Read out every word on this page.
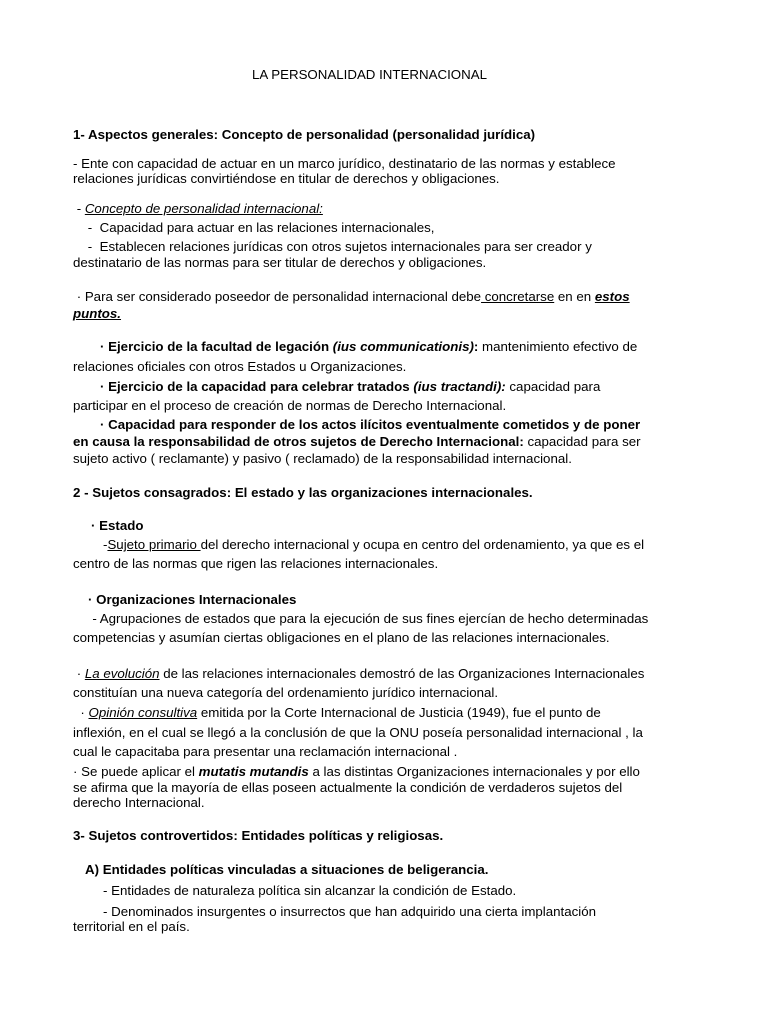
LA PERSONALIDAD INTERNACIONAL
1- Aspectos generales: Concepto de personalidad (personalidad jurídica)
- Ente con capacidad de actuar en un marco jurídico, destinatario de las normas y establece
relaciones jurídicas convirtiéndose en titular de derechos y obligaciones.
- Concepto de personalidad internacional:
-  Capacidad para actuar en las relaciones internacionales,
-  Establecen relaciones jurídicas con otros sujetos internacionales para ser creador y
destinatario de las normas para ser titular de derechos y obligaciones.
· Para ser considerado poseedor de personalidad internacional debe concretarse en en estos
puntos.
· Ejercicio de la facultad de legación (ius communicationis): mantenimiento efectivo de
relaciones oficiales con otros Estados u Organizaciones.
· Ejercicio de la capacidad para celebrar tratados (ius tractandi): capacidad para
participar en el proceso de creación de normas de Derecho Internacional.
· Capacidad para responder de los actos ilícitos eventualmente cometidos y de poner
en causa la responsabilidad de otros sujetos de Derecho Internacional: capacidad para ser
sujeto activo ( reclamante) y pasivo ( reclamado) de la responsabilidad internacional.
2 - Sujetos consagrados: El estado y las organizaciones internacionales.
· Estado
-Sujeto primario del derecho internacional y ocupa en centro del ordenamiento, ya que es el
centro de las normas que rigen las relaciones internacionales.
· Organizaciones Internacionales
- Agrupaciones de estados que para la ejecución de sus fines ejercían de hecho determinadas
competencias y asumían ciertas obligaciones en el plano de las relaciones internacionales.
· La evolución de las relaciones internacionales demostró de las Organizaciones Internacionales
constituían una nueva categoría del ordenamiento jurídico internacional.
· Opinión consultiva emitida por la Corte Internacional de Justicia (1949), fue el punto de
inflexión, en el cual se llegó a la conclusión de que la ONU poseía personalidad internacional , la
cual le capacitaba para presentar una reclamación internacional .
· Se puede aplicar el mutatis mutandis a las distintas Organizaciones internacionales y por ello
se afirma que la mayoría de ellas poseen actualmente la condición de verdaderos sujetos del
derecho Internacional.
3- Sujetos controvertidos: Entidades políticas y religiosas.
A) Entidades políticas vinculadas a situaciones de beligerancia.
- Entidades de naturaleza política sin alcanzar la condición de Estado.
- Denominados insurgentes o insurrectos que han adquirido una cierta implantación
territorial en el país.
